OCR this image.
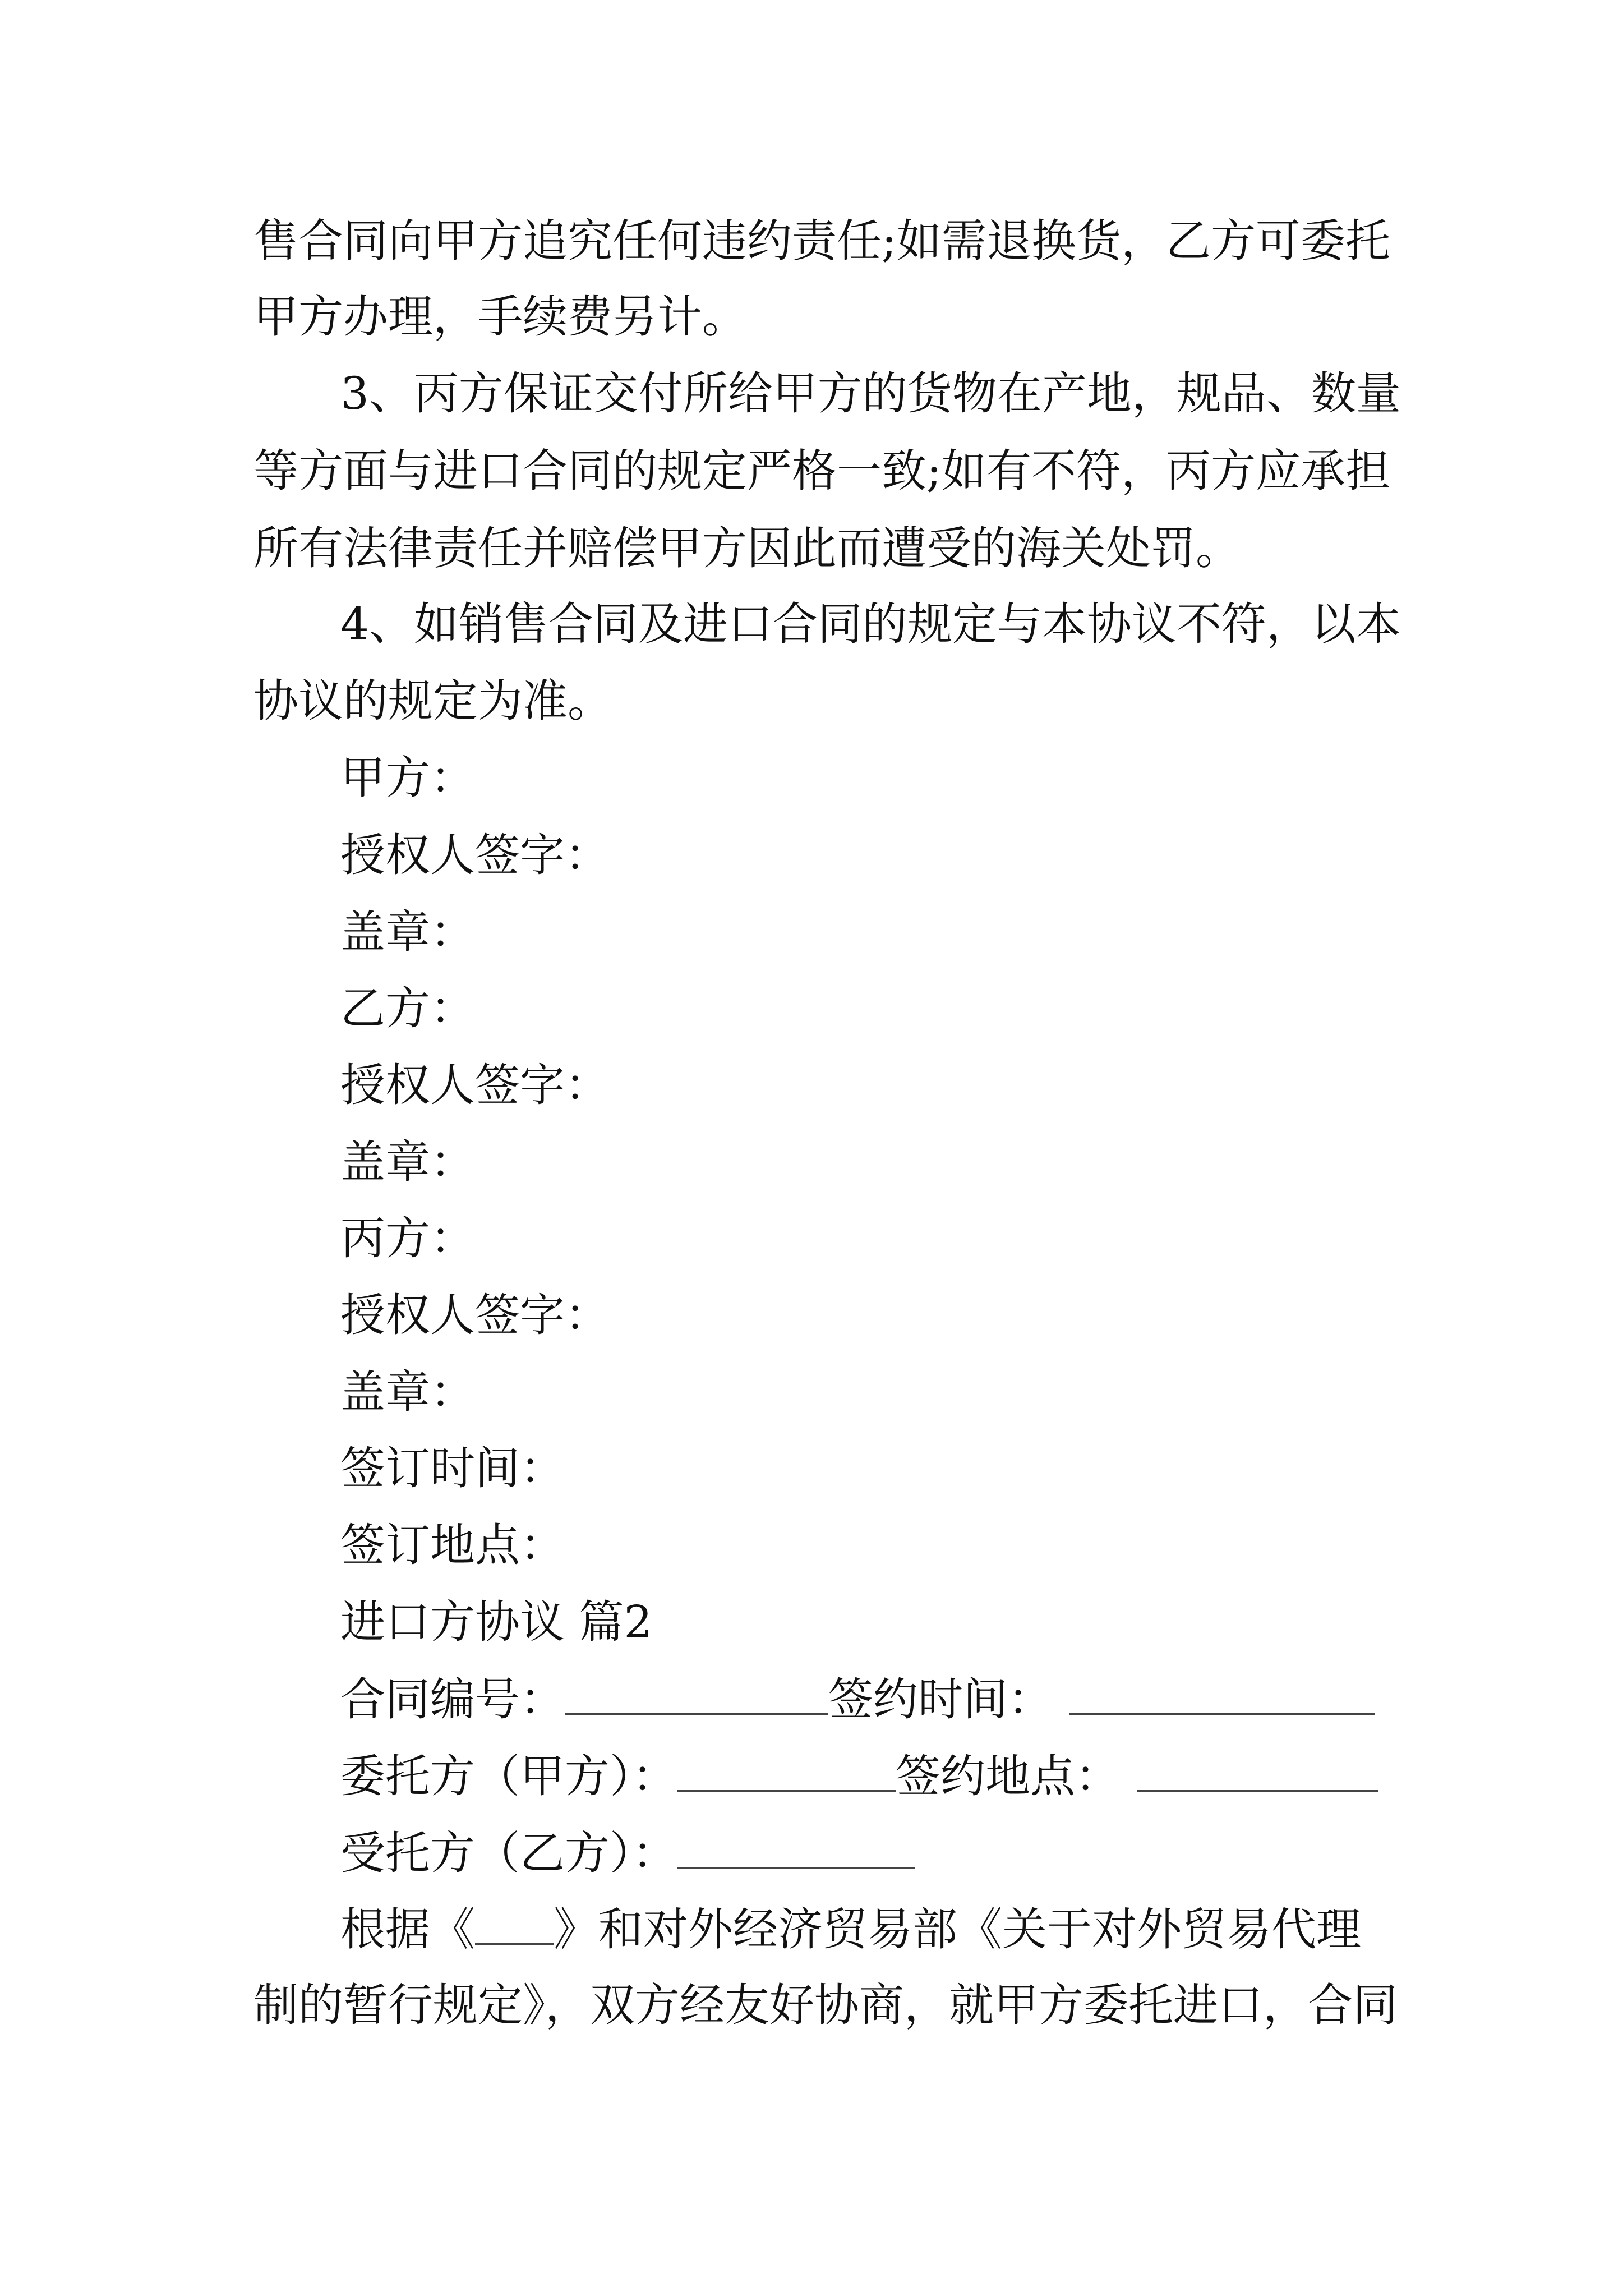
售合同向甲方追究任何违约责任;如需退换货，乙方可委托
甲方办理，手续费另计。
3、丙方保证交付所给甲方的货物在产地，规品、数量
等方面与进口合同的规定严格一致;如有不符，丙方应承担
所有法律责任并赔偿甲方因此而遭受的海关处罚。
4、如销售合同及进口合同的规定与本协议不符，以本
协议的规定为准。
甲方：
授权人签字：
盖章：
乙方：
授权人签字：
盖章：
丙方：
授权人签字：
盖章：
签订时间：
签订地点：
进口方协议 篇2
合同编号：	签约时间：
委托方（甲方）：	签约地点：
受托方（乙方）：
根据《 》和对外经济贸易部《关于对外贸易代理
制的暂行规定》，双方经友好协商，就甲方委托进口，合同
